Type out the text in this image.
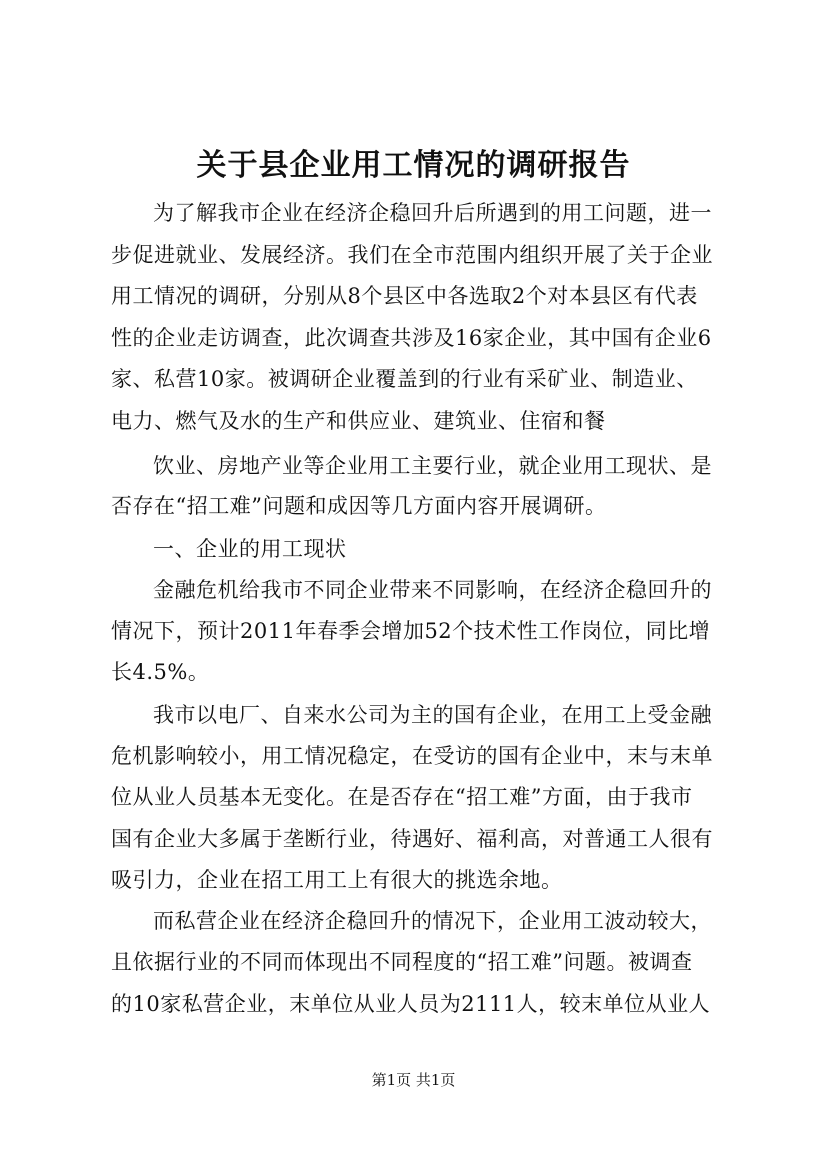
关于县企业用工情况的调研报告
为了解我市企业在经济企稳回升后所遇到的用工问题，进一
步促进就业、发展经济。我们在全市范围内组织开展了关于企业
用工情况的调研，分别从8个县区中各选取2个对本县区有代表
性的企业走访调查，此次调查共涉及16家企业，其中国有企业6
家、私营10家。被调研企业覆盖到的行业有采矿业、制造业、
电力、燃气及水的生产和供应业、建筑业、住宿和餐
饮业、房地产业等企业用工主要行业，就企业用工现状、是
否存在“招工难”问题和成因等几方面内容开展调研。
一、企业的用工现状
金融危机给我市不同企业带来不同影响，在经济企稳回升的
情况下，预计2011年春季会增加52个技术性工作岗位，同比增
长4.5%。
我市以电厂、自来水公司为主的国有企业，在用工上受金融
危机影响较小，用工情况稳定，在受访的国有企业中，末与末单
位从业人员基本无变化。在是否存在“招工难”方面，由于我市
国有企业大多属于垄断行业，待遇好、福利高，对普通工人很有
吸引力，企业在招工用工上有很大的挑选余地。
而私营企业在经济企稳回升的情况下，企业用工波动较大，
且依据行业的不同而体现出不同程度的“招工难”问题。被调查
的10家私营企业，末单位从业人员为2111人，较末单位从业人
第1页 共1页
